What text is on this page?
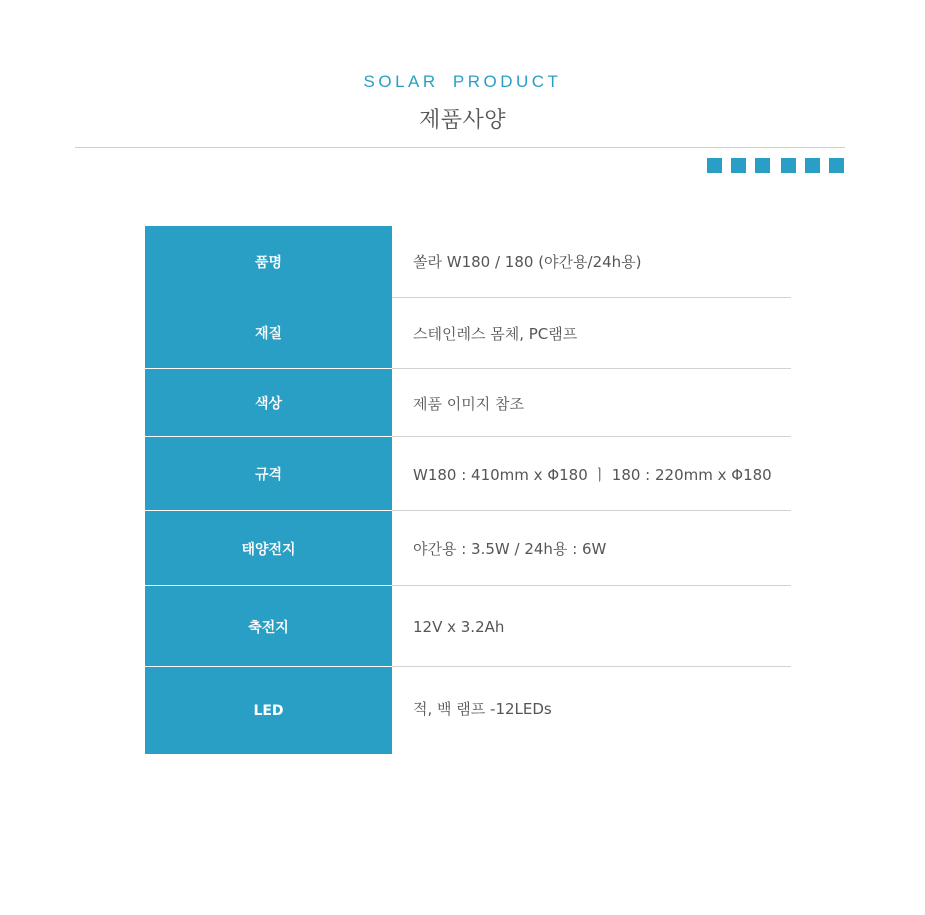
SOLAR PRODUCT
제품사양
품명	쏠라 W180 / 180 (야간용/24h용)
재질	스테인레스 몸체, PC램프
색상	제품 이미지 참조
규격	W180 : 410mm x Φ180 ㅣ 180 : 220mm x Φ180
태양전지	야간용 : 3.5W / 24h용 : 6W
축전지	12V x 3.2Ah
LED	적, 백 램프 -12LEDs
